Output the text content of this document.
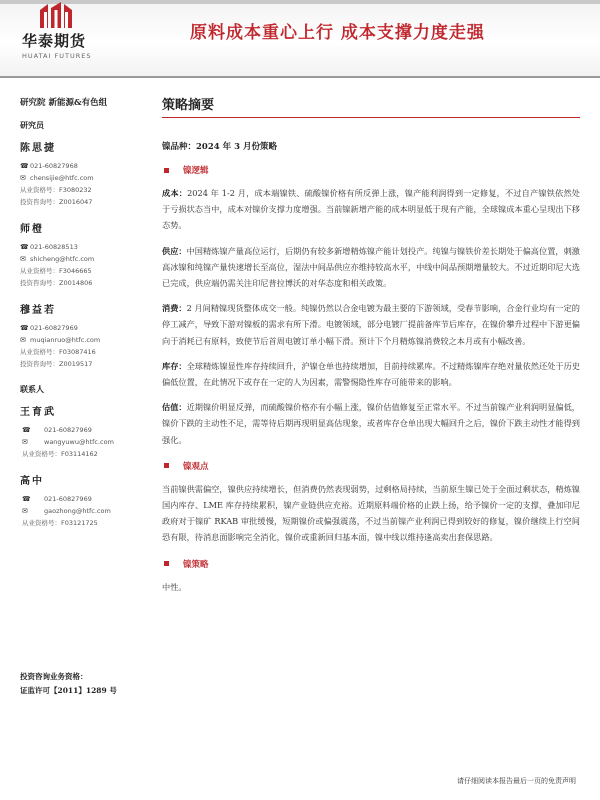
华泰期货
HUATAI FUTURES
原料成本重心上行 成本支撑力度走强
研究院 新能源&有色组
研究员
陈思捷
☎ 021-60827968
✉ chensijie@htfc.com
从业资格号：F3080232
投资咨询号：Z0016047
师橙
☎ 021-60828513
✉ shicheng@htfc.com
从业资格号：F3046665
投资咨询号：Z0014806
穆益若
☎ 021-60827969
✉ muqianruo@htfc.com
从业资格号：F03087416
投资咨询号：Z0019517
联系人
王育武
☎	021-60827969
✉	wangyuwu@htfc.com
从业资格号：F03114162
高中
☎	021-60827969
✉	gaozhong@htfc.com
从业资格号：F03121725
投资咨询业务资格：
证监许可【2011】1289 号
策略摘要
镍品种：2024 年 3 月份策略
镍逻辑

成本：2024 年 1-2 月，成本端镍铁、硫酸镍价格有所反弹上涨，镍产能利润得到一定修复，不过自产镍铁依然处于亏损状态当中，成本对镍价支撑力度增强。当前镍新增产能的成本明显低于现有产能，全球镍成本重心呈现出下移态势。

供应：中国精炼镍产量高位运行，后期仍有较多新增精炼镍产能计划投产。纯镍与镍铁价差长期处于偏高位置，刺激高冰镍和纯镍产量快速增长至高位，湿法中间品供应亦维持较高水平，中线中间品预期增量较大。不过近期印尼大选已完成，供应端仍需关注印尼普拉博沃的对华态度和相关政策。

消费：2 月间精镍现货整体成交一般。纯镍仍然以合金电镀为最主要的下游领域，受春节影响，合金行业均有一定的停工减产，导致下游对镍板的需求有所下滑。电镀领域，部分电镀厂提前备库节后库存，在镍价攀升过程中下游更偏向于消耗已有原料，致使节后首周电镀订单小幅下滑。预计下个月精炼镍消费较之本月或有小幅改善。

库存：全球精炼镍显性库存持续回升，沪镍仓单也持续增加，目前持续累库。不过精炼镍库存绝对量依然还处于历史偏低位置，在此情况下或存在一定的人为因素，需警惕隐性库存可能带来的影响。

估值：近期镍价明显反弹，而硫酸镍价格亦有小幅上涨，镍价估值修复至正常水平。不过当前镍产业利润明显偏低，镍价下跌的主动性不足，需等待后期再现明显高估现象，或者库存仓单出现大幅回升之后，镍价下跌主动性才能得到强化。

镍观点

当前镍供需偏空，镍供应持续增长，但消费仍然表现弱势，过剩格局持续，当前原生镍已处于全面过剩状态，精炼镍国内库存、LME 库存持续累积，镍产业链供应充裕。近期原料端价格的止跌上扬，给予镍价一定的支撑，叠加印尼政府对于镍矿 RKAB 审批缓慢，短期镍价或偏强震荡，不过当前镍产业利润已得到较好的修复，镍价继续上行空间恐有限，待消息面影响完全消化，镍价或重新回归基本面，镍中线以维持逢高卖出套保思路。

镍策略

中性。

请仔细阅读本报告最后一页的免责声明
